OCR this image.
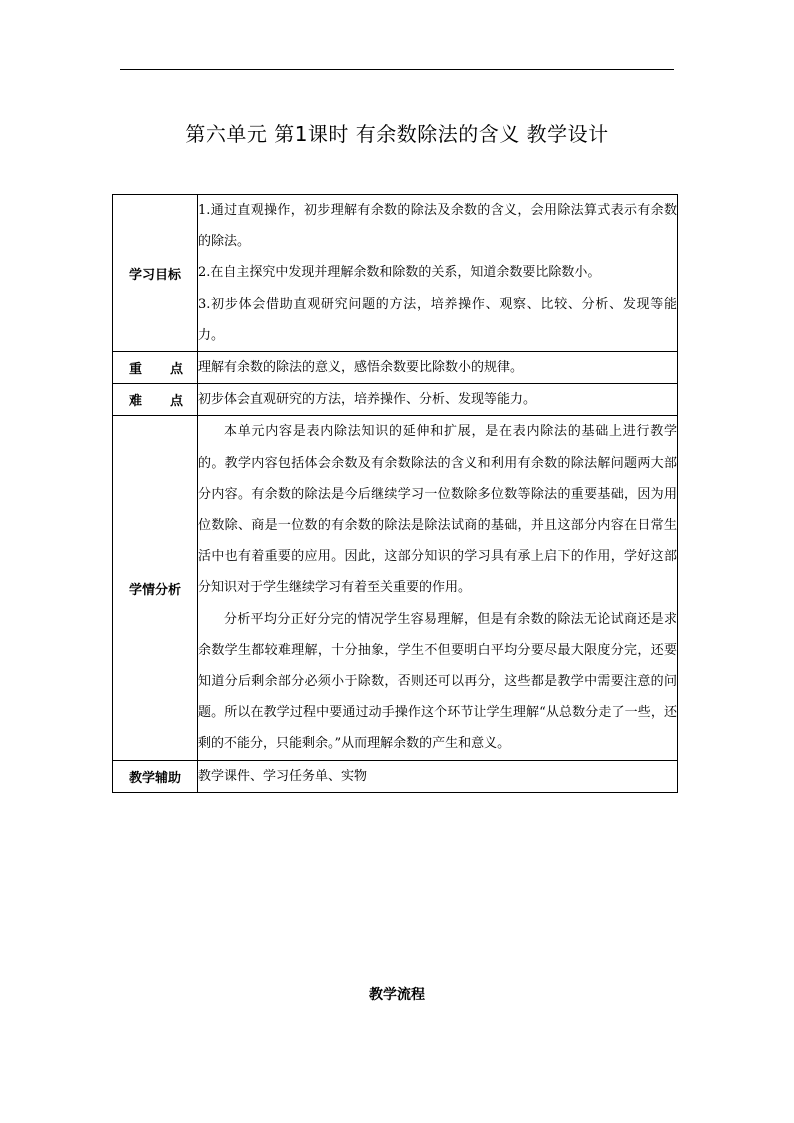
第六单元 第1课时 有余数除法的含义 教学设计
学习目标	1.通过直观操作，初步理解有余数的除法及余数的含义，会用除法算式表示有余数的除法。

2.在自主探究中发现并理解余数和除数的关系，知道余数要比除数小。

3.初步体会借助直观研究问题的方法，培养操作、观察、比较、分析、发现等能力。

重 点	理解有余数的除法的意义，感悟余数要比除数小的规律。

难 点	初步体会直观研究的方法，培养操作、分析、发现等能力。
学情分析	本单元内容是表内除法知识的延伸和扩展，是在表内除法的基础上进行教学的。教学内容包括体会余数及有余数除法的含义和利用有余数的除法解问题两大部分内容。有余数的除法是今后继续学习一位数除多位数等除法的重要基础，因为用位数除、商是一位数的有余数的除法是除法试商的基础，并且这部分内容在日常生活中也有着重要的应用。因此，这部分知识的学习具有承上启下的作用，学好这部分知识对于学生继续学习有着至关重要的作用。

分析平均分正好分完的情况学生容易理解，但是有余数的除法无论试商还是求余数学生都较难理解，十分抽象，学生不但要明白平均分要尽最大限度分完，还要知道分后剩余部分必须小于除数，否则还可以再分，这些都是教学中需要注意的问题。所以在教学过程中要通过动手操作这个环节让学生理解“从总数分走了一些，还剩的不能分，只能剩余。”从而理解余数的产生和意义。

教学辅助	教学课件、学习任务单、实物
教学流程
